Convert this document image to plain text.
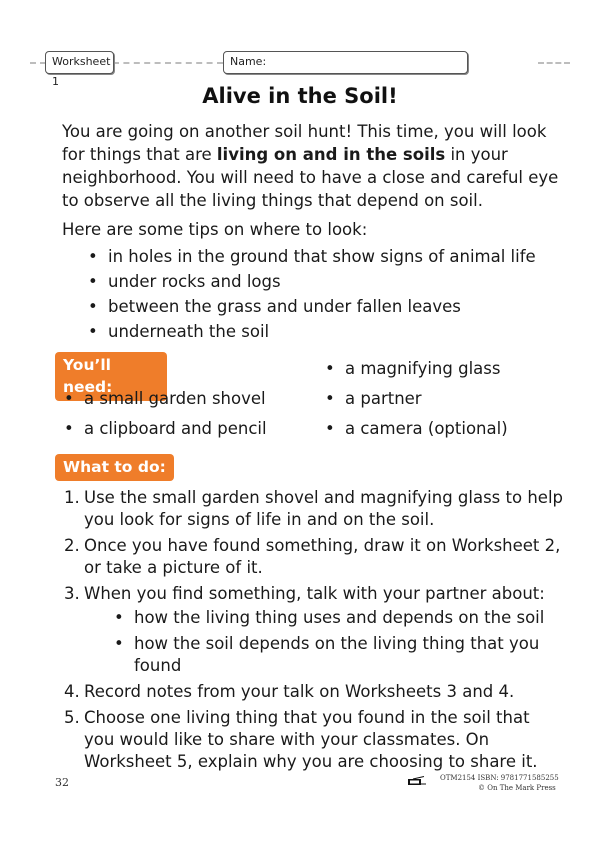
Worksheet 1
Name:
Alive in the Soil!

You are going on another soil hunt! This time, you will look for things that are living on and in the soils in your neighborhood. You will need to have a close and careful eye to observe all the living things that depend on soil.

Here are some tips on where to look:

• in holes in the ground that show signs of animal life
• under rocks and logs
• between the grass and under fallen leaves
• underneath the soil
You’ll need:
• a small garden shovel
• a clipboard and pencil
• a magnifying glass
• a partner
• a camera (optional)
What to do:
1. Use the small garden shovel and magnifying glass to help you look for signs of life in and on the soil.
2. Once you have found something, draw it on Worksheet 2, or take a picture of it.
3. When you find something, talk with your partner about:
• how the living thing uses and depends on the soil
• how the soil depends on the living thing that you found
4. Record notes from your talk on Worksheets 3 and 4.
5. Choose one living thing that you found in the soil that you would like to share with your classmates. On Worksheet 5, explain why you are choosing to share it.
32	OTM2154 ISBN: 9781771585255
© On The Mark Press
